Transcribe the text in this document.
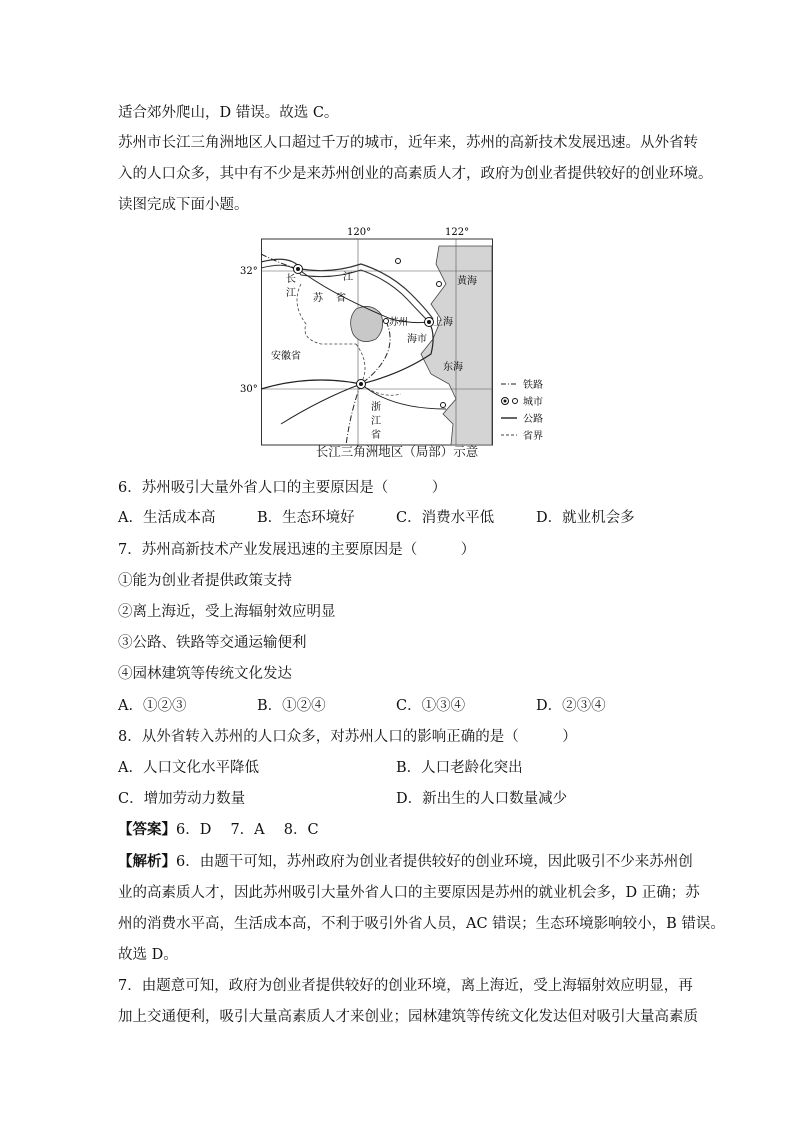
适合郊外爬山，D 错误。故选 C。
苏州市长江三角洲地区人口超过千万的城市，近年来，苏州的高新技术发展迅速。从外省转
入的人口众多，其中有不少是来苏州创业的高素质人才，政府为创业者提供较好的创业环境。
读图完成下面小题。
120°	122°
32°
30°
江
长
江 苏 省
黄海
苏州 上海
海市
安徽省
东海
浙
江
省
铁路
城市
公路
省界
长江三角洲地区（局部）示意
6．苏州吸引大量外省人口的主要原因是（　　　）
A．生活成本高	B．生态环境好	C．消费水平低	D．就业机会多
7．苏州高新技术产业发展迅速的主要原因是（　　　）
①能为创业者提供政策支持
②离上海近，受上海辐射效应明显
③公路、铁路等交通运输便利
④园林建筑等传统文化发达
A．①②③	B．①②④	C．①③④	D．②③④
8．从外省转入苏州的人口众多，对苏州人口的影响正确的是（　　　）
A．人口文化水平降低	B．人口老龄化突出
C．增加劳动力数量	D．新出生的人口数量减少
【答案】6．D　 7．A　 8．C
【解析】6．由题干可知，苏州政府为创业者提供较好的创业环境，因此吸引不少来苏州创
业的高素质人才，因此苏州吸引大量外省人口的主要原因是苏州的就业机会多，D 正确；苏
州的消费水平高，生活成本高，不利于吸引外省人员，AC 错误；生态环境影响较小，B 错误。
故选 D。
7．由题意可知，政府为创业者提供较好的创业环境，离上海近，受上海辐射效应明显，再
加上交通便利，吸引大量高素质人才来创业；园林建筑等传统文化发达但对吸引大量高素质
